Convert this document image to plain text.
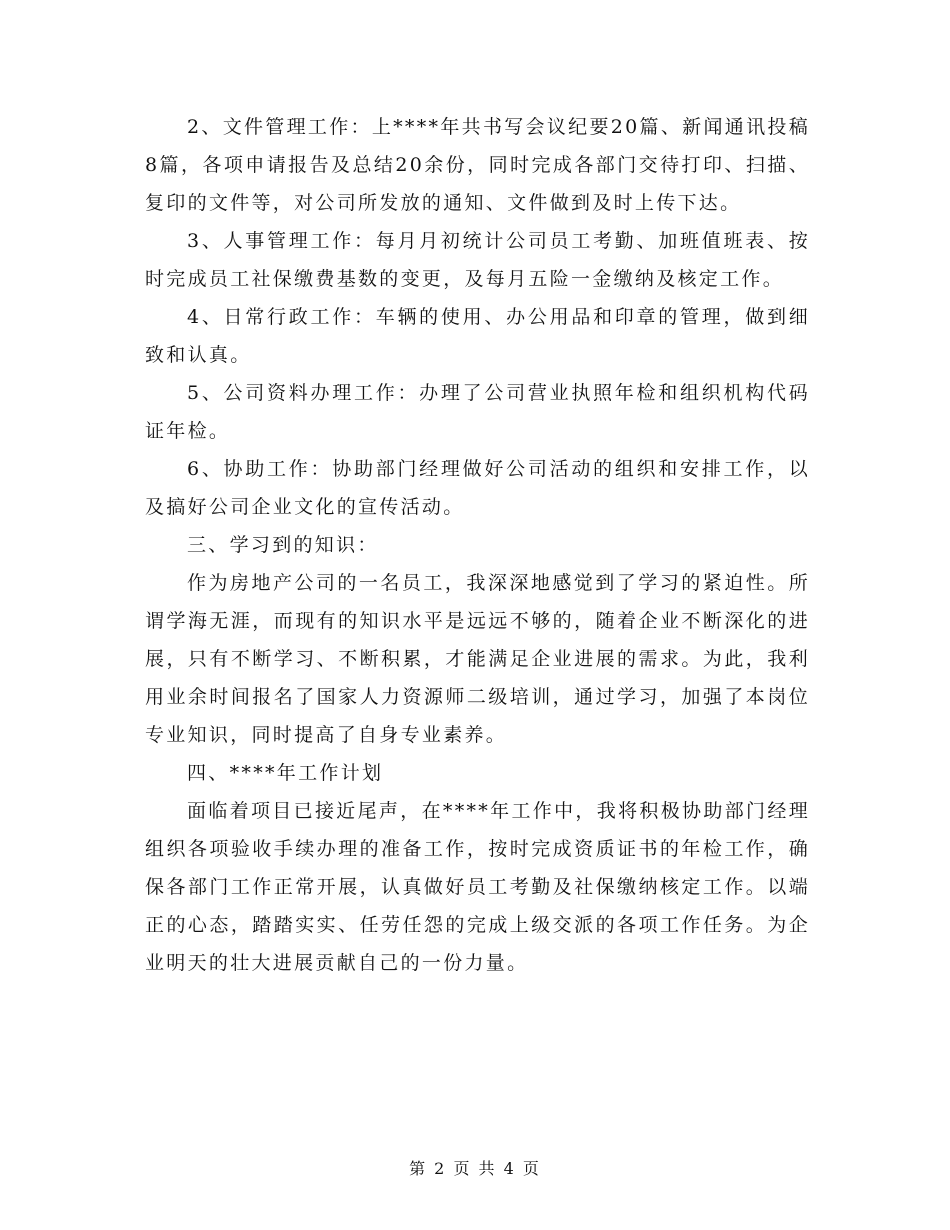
2、文件管理工作：上****年共书写会议纪要20篇、新闻通讯投稿8篇，各项申请报告及总结20余份，同时完成各部门交待打印、扫描、复印的文件等，对公司所发放的通知、文件做到及时上传下达。

3、人事管理工作：每月月初统计公司员工考勤、加班值班表、按时完成员工社保缴费基数的变更，及每月五险一金缴纳及核定工作。

4、日常行政工作：车辆的使用、办公用品和印章的管理，做到细致和认真。

5、公司资料办理工作：办理了公司营业执照年检和组织机构代码证年检。

6、协助工作：协助部门经理做好公司活动的组织和安排工作，以及搞好公司企业文化的宣传活动。

三、学习到的知识：

作为房地产公司的一名员工，我深深地感觉到了学习的紧迫性。所谓学海无涯，而现有的知识水平是远远不够的，随着企业不断深化的进展，只有不断学习、不断积累，才能满足企业进展的需求。为此，我利用业余时间报名了国家人力资源师二级培训，通过学习，加强了本岗位专业知识，同时提高了自身专业素养。

四、****年工作计划

面临着项目已接近尾声，在****年工作中，我将积极协助部门经理组织各项验收手续办理的准备工作，按时完成资质证书的年检工作，确保各部门工作正常开展，认真做好员工考勤及社保缴纳核定工作。以端正的心态，踏踏实实、任劳任怨的完成上级交派的各项工作任务。为企业明天的壮大进展贡献自己的一份力量。

第 2 页 共 4 页
